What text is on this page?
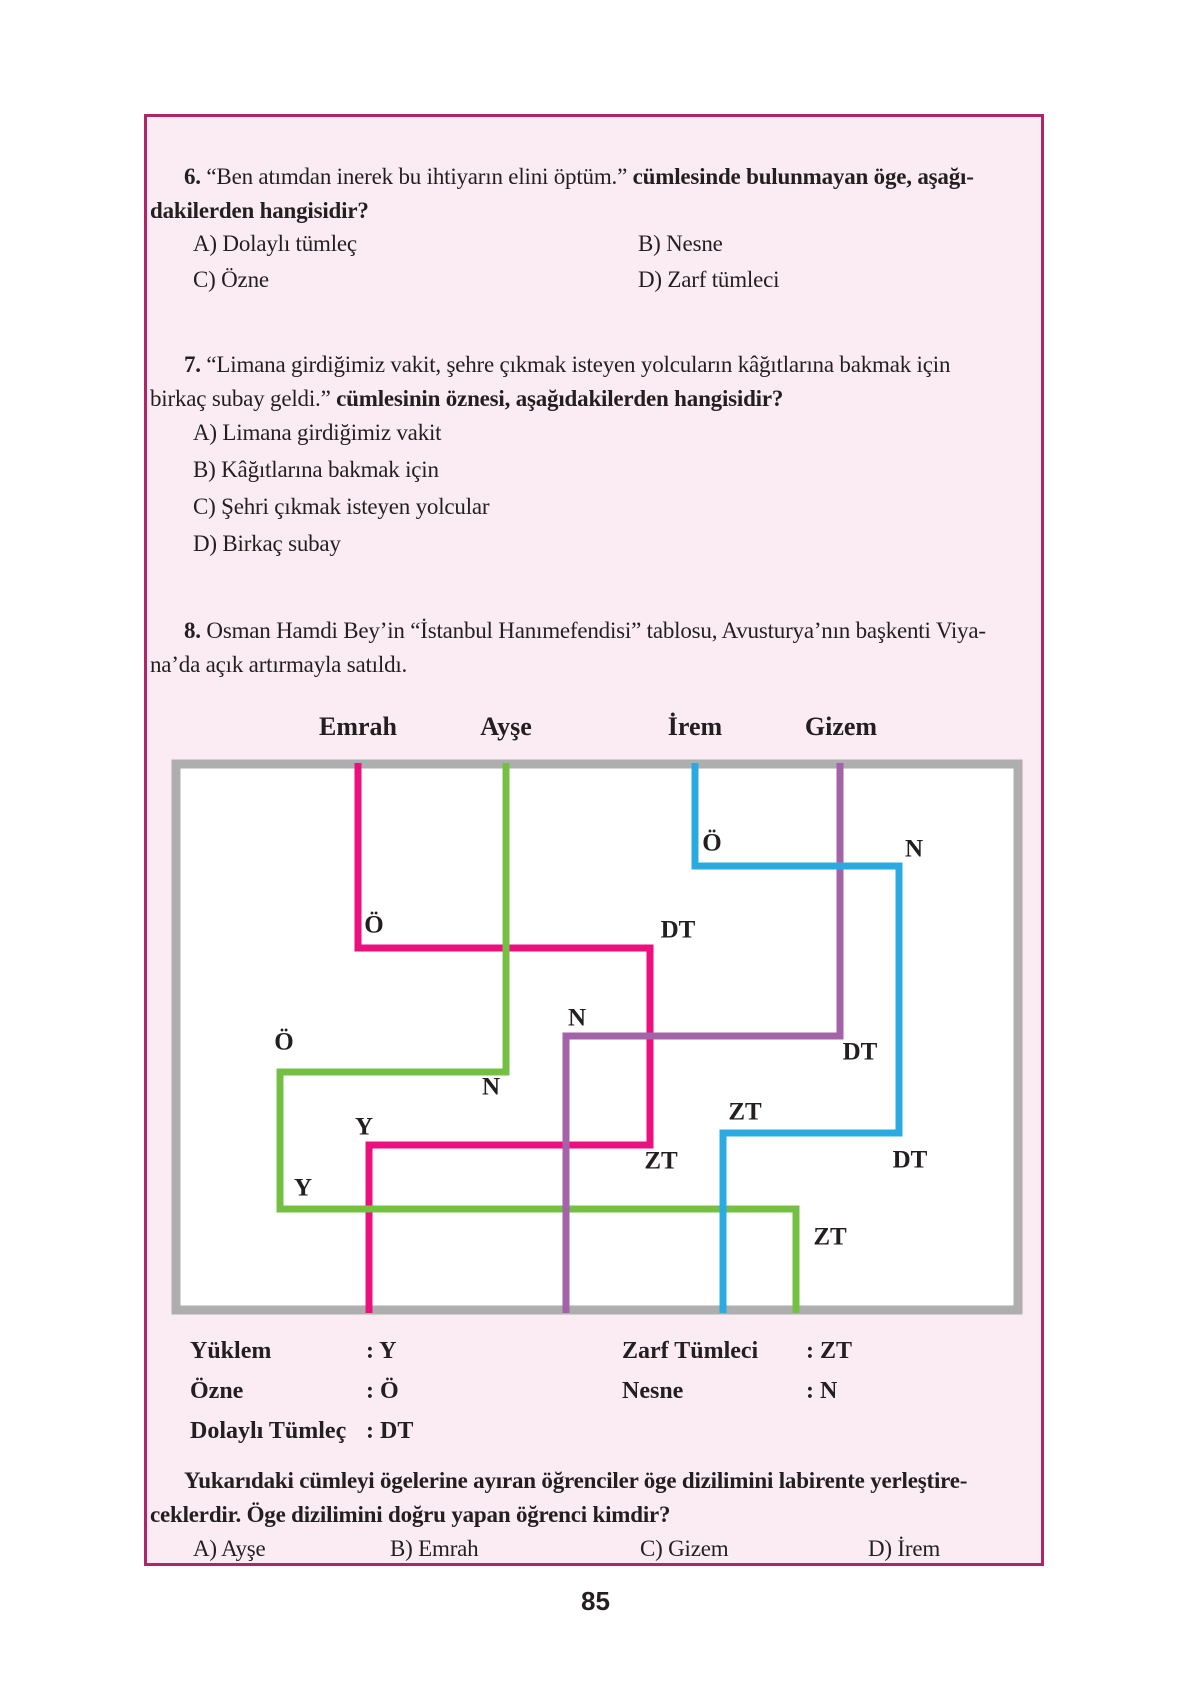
6. “Ben atımdan inerek bu ihtiyarın elini öptüm.” cümlesinde bulunmayan öge, aşağı-
dakilerden hangisidir?
A) Dolaylı tümleç	B) Nesne
C) Özne	D) Zarf tümleci
7. “Limana girdiğimiz vakit, şehre çıkmak isteyen yolcuların kâğıtlarına bakmak için
birkaç subay geldi.” cümlesinin öznesi, aşağıdakilerden hangisidir?
A) Limana girdiğimiz vakit
B) Kâğıtlarına bakmak için
C) Şehri çıkmak isteyen yolcular
D) Birkaç subay
8. Osman Hamdi Bey’in “İstanbul Hanımefendisi” tablosu, Avusturya’nın başkenti Viya-
na’da açık artırmayla satıldı.
Emrah	Ayşe	İrem	Gizem
Ö	N
Ö	DT
N
Ö	DT
N
ZT
Y
DT
ZT
Y
ZT
Yüklem	: Y	Zarf Tümleci : ZT
Özne	: Ö	Nesne	: N
Dolaylı Tümleç : DT
Yukarıdaki cümleyi ögelerine ayıran öğrenciler öge dizilimini labirente yerleştire-
ceklerdir. Öge dizilimini doğru yapan öğrenci kimdir?
A) Ayşe	B) Emrah	C) Gizem	D) İrem
85
